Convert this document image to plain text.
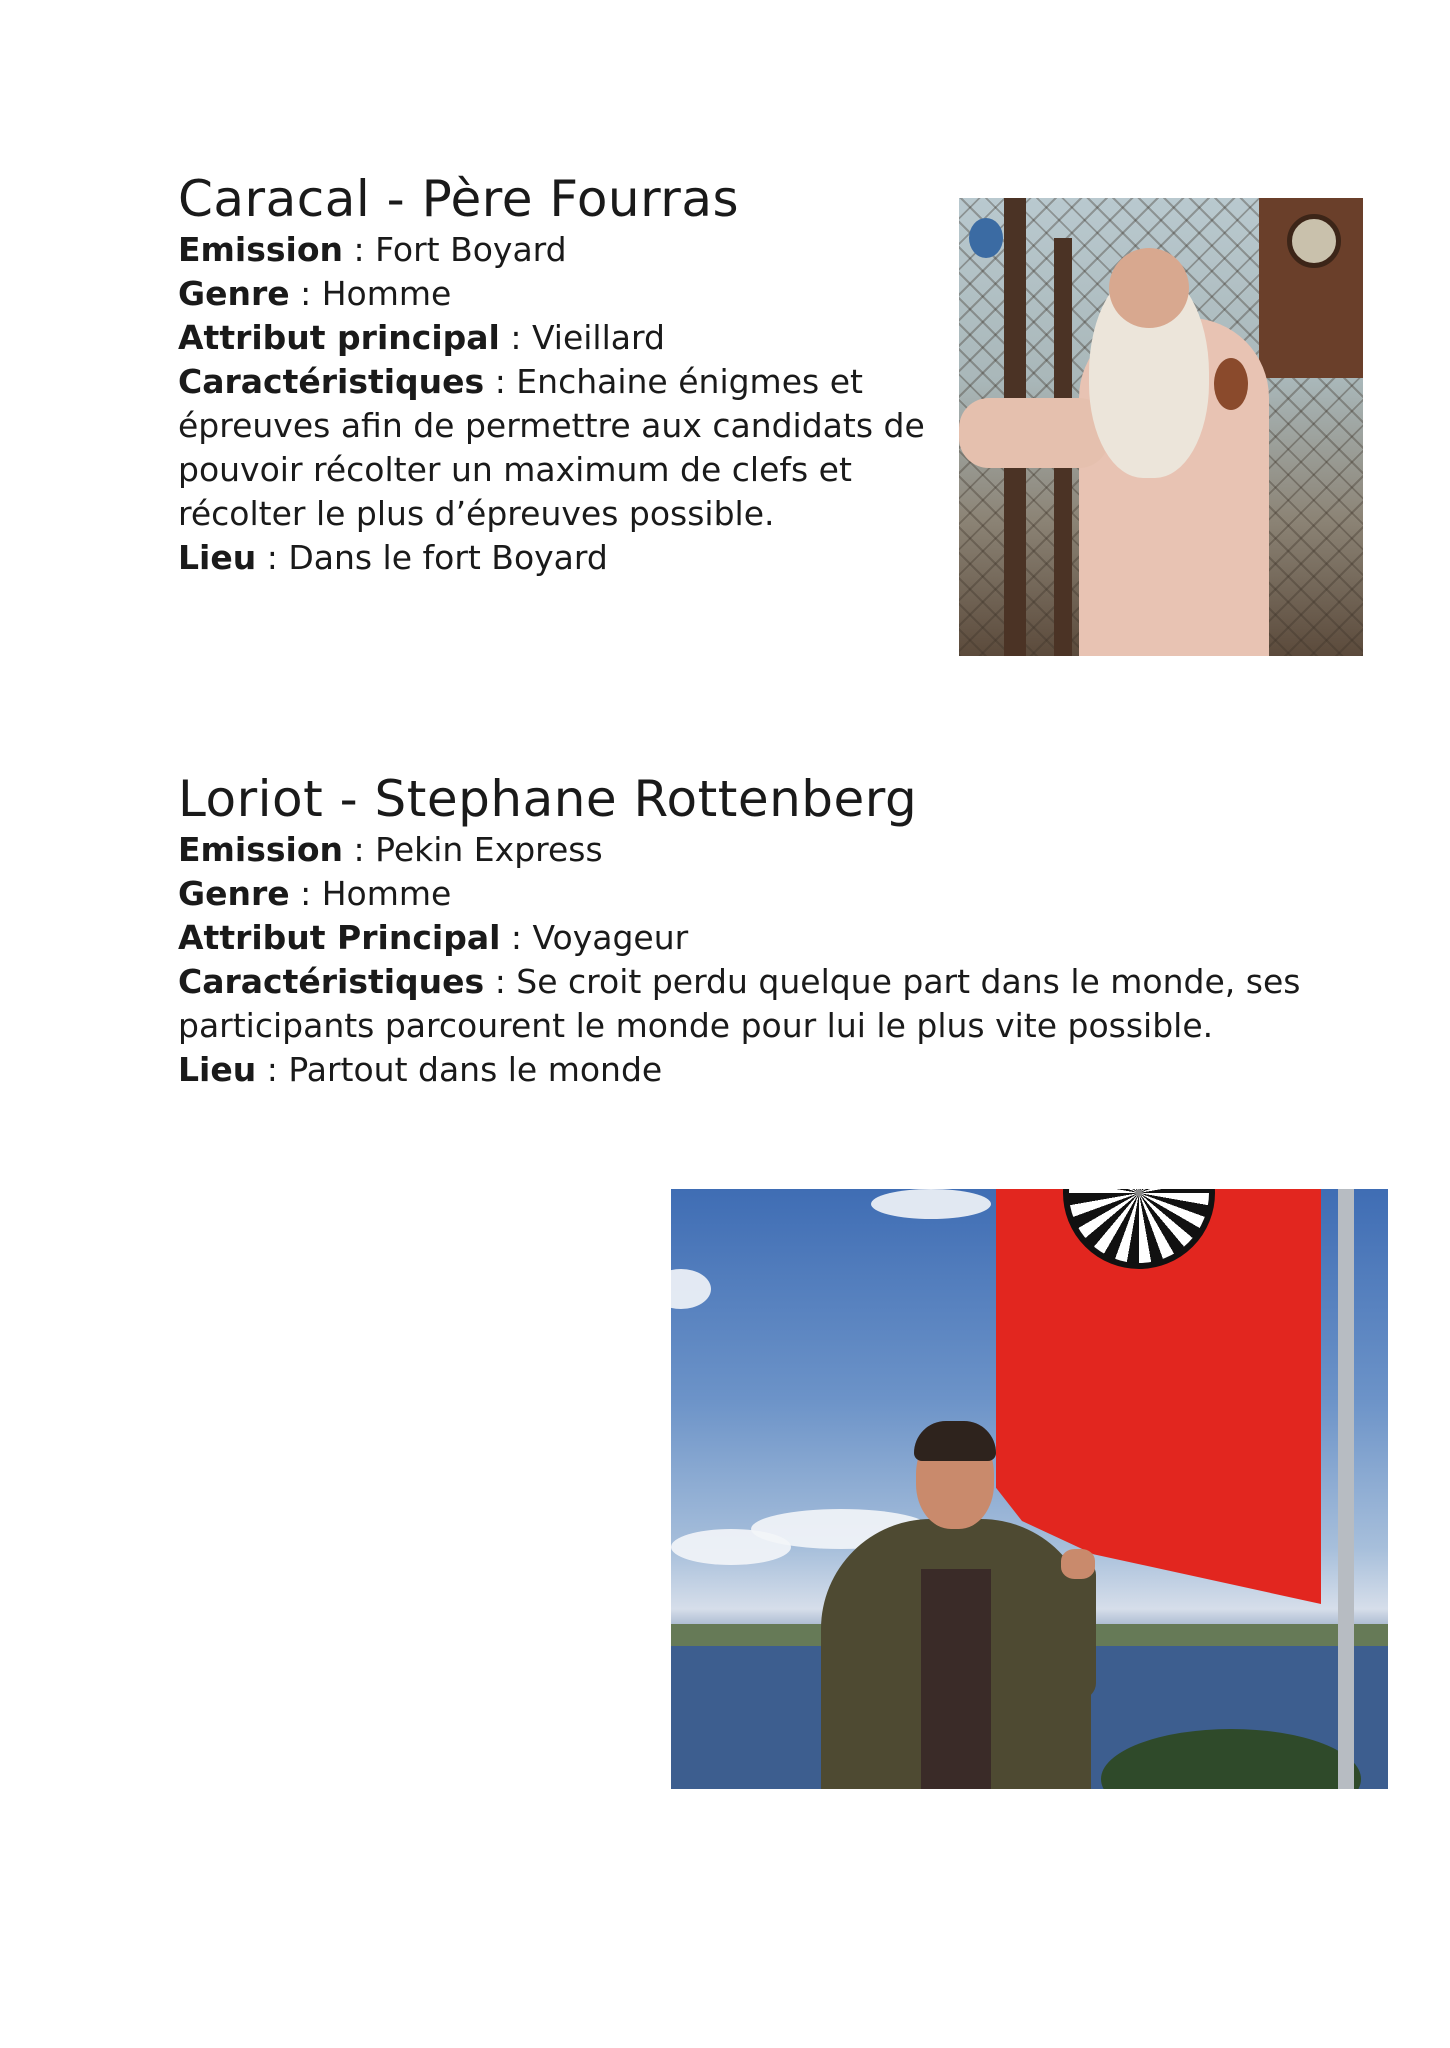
Caracal - Père Fourras

Emission : Fort Boyard

Genre : Homme

Attribut principal : Vieillard

Caractéristiques : Enchaine énigmes et épreuves afin de permettre aux candidats de pouvoir récolter un maximum de clefs et récolter le plus d’épreuves possible.

Lieu : Dans le fort Boyard

Loriot - Stephane Rottenberg

Emission : Pekin Express

Genre : Homme

Attribut Principal : Voyageur

Caractéristiques : Se croit perdu quelque part dans le monde, ses participants parcourent le monde pour lui le plus vite possible.

Lieu : Partout dans le monde
